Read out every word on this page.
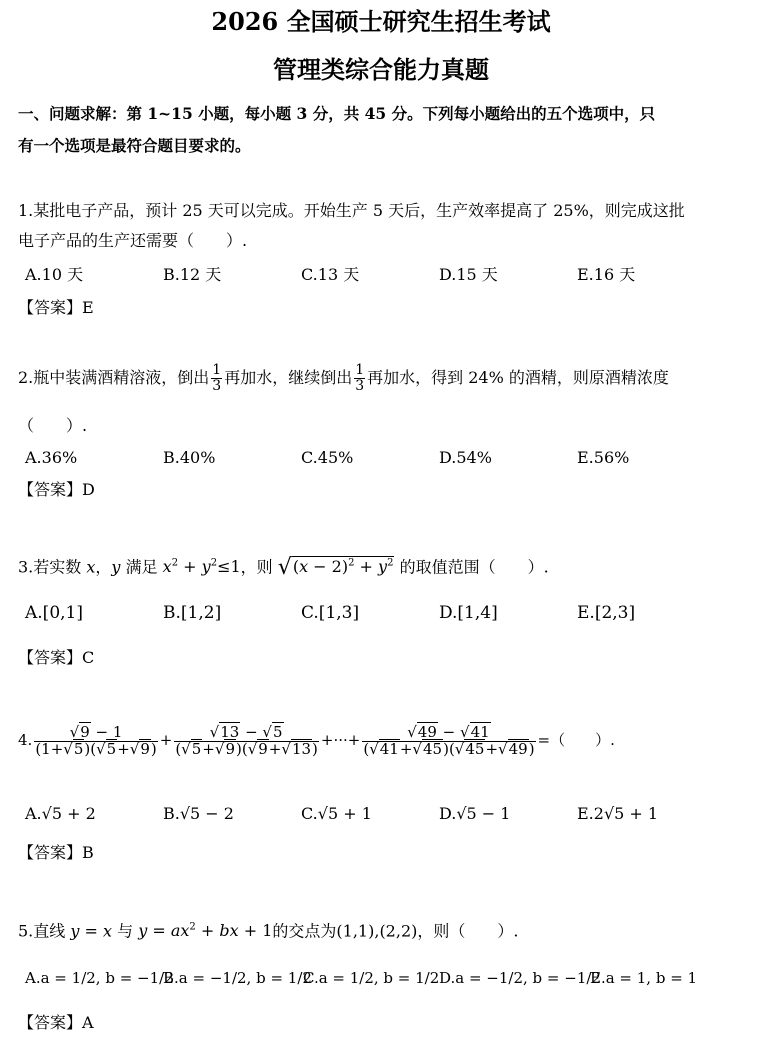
2026 全国硕士研究生招生考试
管理类综合能力真题
一、问题求解：第 1~15 小题，每小题 3 分，共 45 分。下列每小题给出的五个选项中，只
有一个选项是最符合题目要求的。
1.某批电子产品，预计 25 天可以完成。开始生产 5 天后，生产效率提高了 25%，则完成这批
电子产品的生产还需要（　　）.
A.10 天	B.12 天	C.13 天	D.15 天	E.16 天
【答案】E
2.瓶中装满酒精溶液，倒出 $\frac{1}{3}$ 再加水，继续倒出 $\frac{1}{3}$ 再加水，得到 24% 的酒精，则原酒精浓度
（　　）.
A.36%	B.40%	C.45%	D.54%	E.56%
【答案】D
3.若实数 x，y 满足 $x^2 + y^2\le 1$，则 $√(x - 2)^2 + y^2$ 的取值范围（　　）.
A.[0,1]	B.[1,2]	C.[1,3]	D.[1,4]	E.[2,3]
【答案】C
4. $\frac{√9 - 1}{(1+√5)(√5+√9)} + \frac{√13 - √5}{(√5+√9)(√9+√13)}$ +···+ $\frac{√49 - √41}{(√41+√45)(√45+√49)}$ =（　　）.
A.√5 + 2	B.√5 − 2	C.√5 + 1	D.√5 − 1	E.2√5 + 1
【答案】B
5.直线 y = x 与 $y = ax^2$ + bx + 1的交点为(1,1),(2,2)，则（　　）.
A.a = 1/2, b = −1/2
B.a = −1/2, b = 1/2
C.a = 1/2, b = 1/2 D.a = −1/2, b = −1/2
E.a = 1, b = 1
【答案】A
